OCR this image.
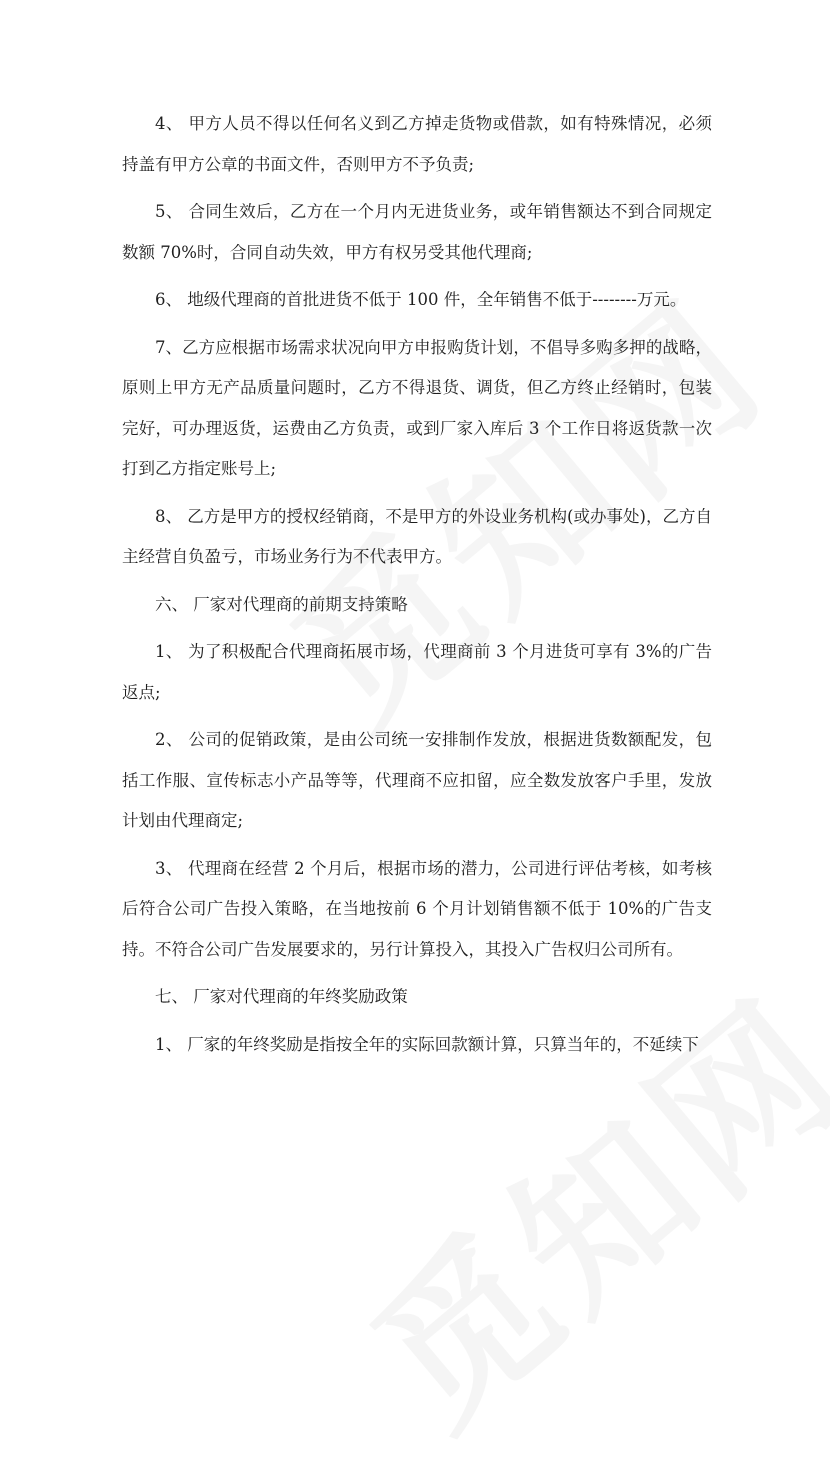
4、 甲方人员不得以任何名义到乙方掉走货物或借款，如有特殊情况，必须持盖有甲方公章的书面文件，否则甲方不予负责;

5、 合同生效后，乙方在一个月内无进货业务，或年销售额达不到合同规定数额 70%时，合同自动失效，甲方有权另受其他代理商;

6、 地级代理商的首批进货不低于 100 件，全年销售不低于--------万元。

7、乙方应根据市场需求状况向甲方申报购货计划，不倡导多购多押的战略，原则上甲方无产品质量问题时，乙方不得退货、调货，但乙方终止经销时，包装完好，可办理返货，运费由乙方负责，或到厂家入库后 3 个工作日将返货款一次打到乙方指定账号上;

8、 乙方是甲方的授权经销商，不是甲方的外设业务机构(或办事处)，乙方自主经营自负盈亏，市场业务行为不代表甲方。

六、 厂家对代理商的前期支持策略

1、 为了积极配合代理商拓展市场，代理商前 3 个月进货可享有 3%的广告返点;

2、 公司的促销政策，是由公司统一安排制作发放，根据进货数额配发，包括工作服、宣传标志小产品等等，代理商不应扣留，应全数发放客户手里，发放计划由代理商定;

3、 代理商在经营 2 个月后，根据市场的潜力，公司进行评估考核，如考核后符合公司广告投入策略，在当地按前 6 个月计划销售额不低于 10%的广告支持。不符合公司广告发展要求的，另行计算投入，其投入广告权归公司所有。

七、 厂家对代理商的年终奖励政策

1、 厂家的年终奖励是指按全年的实际回款额计算，只算当年的，不延续下
